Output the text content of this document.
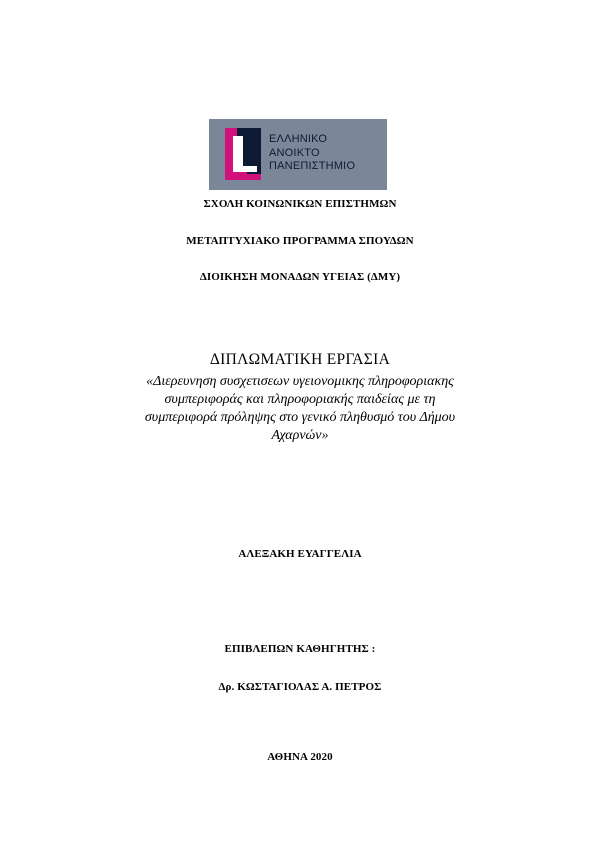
ΕΛΛΗΝΙΚΟ
ΑΝΟΙΚΤΟ
ΠΑΝΕΠΙΣΤΗΜΙΟ
ΣΧΟΛΗ ΚΟΙΝΩΝΙΚΩΝ ΕΠΙΣΤΗΜΩΝ
ΜΕΤΑΠΤΥΧΙΑΚΟ ΠΡΟΓΡΑΜΜΑ ΣΠΟΥΔΩΝ
ΔΙΟΙΚΗΣΗ ΜΟΝΑΔΩΝ ΥΓΕΙΑΣ (ΔΜΥ)
ΔΙΠΛΩΜΑΤΙΚΗ ΕΡΓΑΣΙΑ
«Διερευνηση συσχετισεων υγειονομικης πληροφοριακης
συμπεριφοράς και πληροφοριακής παιδείας με τη
συμπεριφορά πρόληψης στο γενικό πληθυσμό του Δήμου
Αχαρνών»
ΑΛΕΞΑΚΗ ΕΥΑΓΓΕΛΙΑ
ΕΠΙΒΛΕΠΩΝ ΚΑΘΗΓΗΤΗΣ :
Δρ. ΚΩΣΤΑΓΙΟΛΑΣ Α. ΠΕΤΡΟΣ
ΑΘΗΝΑ 2020
